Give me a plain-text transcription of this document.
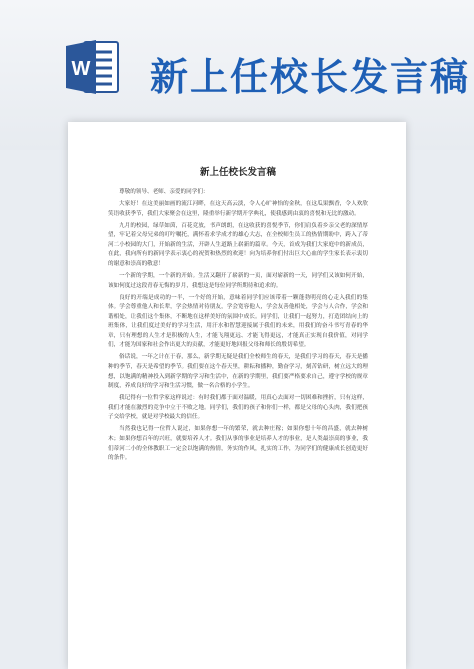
W 新上任校长发言稿
新上任校长发言稿

尊敬的领导、老师、亲爱的同学们：

大家好！在这美丽如画的流江河畔，在这天高云淡，令人心旷神怡的金秋，在这瓜果飘香，令人欢欣笑语收获季节，我们大家聚会在这里，隆重举行新学期开学典礼，使我感到由衷的喜悦和无比的激动。

九月的校园，绿草如茵，百花竞放，书声朗朗，在这收获的喜悦季节，你们肩负着乡亲父老的深情厚望，牢记着父母兄弟的叮咛嘱托，满怀着求学成才的雄心大志，在全校师生员工的热情期盼中，跨入了蒂河二小校园的大门，开始新的生活，开辟人生道路上崭新的篇章。今天，首成为我们大家庭中的新成员，在此，我向所有的新同学表示衷心的祝贺和热烈的欢迎！向为培养你们付出巨大心血的学生家长表示衷切的谢意和崇高的敬意！

一个新的学期，一个新的开始。生活又翻开了崭新的一页，面对崭新的一天，同学们又该如何开始，该如何度过这段青春无悔的岁月，我想这是每位同学所期待和追求的。

良好的开端是成功的一半，一个好的开始，意味着同学们应该带着一颗蓬勃明亮的心走入我们的集体。学会尊重他人和长辈，学会热情对待朋友，学会宽容他人，学会友善他相处，学会与人合作，学会和谐相处，让我们这个集体，不断地在这样美好的氛围中成长。同学们，让我们一起努力，打造团结向上的班集体，让我们度过美好的学习生活，用汗水和智慧迎接属于我们的未来，用我们的奋斗书写青春的华章，只有理想的人生才是积极的人生，才能飞翔更远、才能飞得更远，才能真正实现自我价值，对同学们，才能为国家和社会作出更大的贡献，才能更好地回报父母和师长的殷切希望。

俗话说，一年之计在于春，那么，新学期无疑是我们全校师生的春天，是我们学习的春天，春天是播种的季节，春天是希望的季节。我们要在这个春天里，耕耘和播种，勤奋学习，刻苦钻研，树立远大的理想，以饱满的精神投入到新学期的学习和生活中，在新的学期里，我们要严格要求自己，遵守学校的规章制度，养成良好的学习和生活习惯，做一名合格的小学生。

我记得有一位哲学家这样说过：有时我们都于面对温暖，用真心去面对一切困难和挫折，只有这样，我们才能在激烈的竞争中立于不败之地。同学们，我们的孩子和你们一样，都是父母的心头肉，我们把孩子交给学校，就是对学校最大的信任。

当然我也记得一位哲人说过，如果你想一年的繁荣，就去种庄稼；如果你想十年的昌盛，就去种树木；如果你想百年的兴旺，就要培养人才。我们从事的事业是培养人才的事业，是人类最崇高的事业，我们蒂河二小的全体教职工一定会以饱满的热情，务实的作风，扎实的工作，为同学们的健康成长创造更好的条件。
